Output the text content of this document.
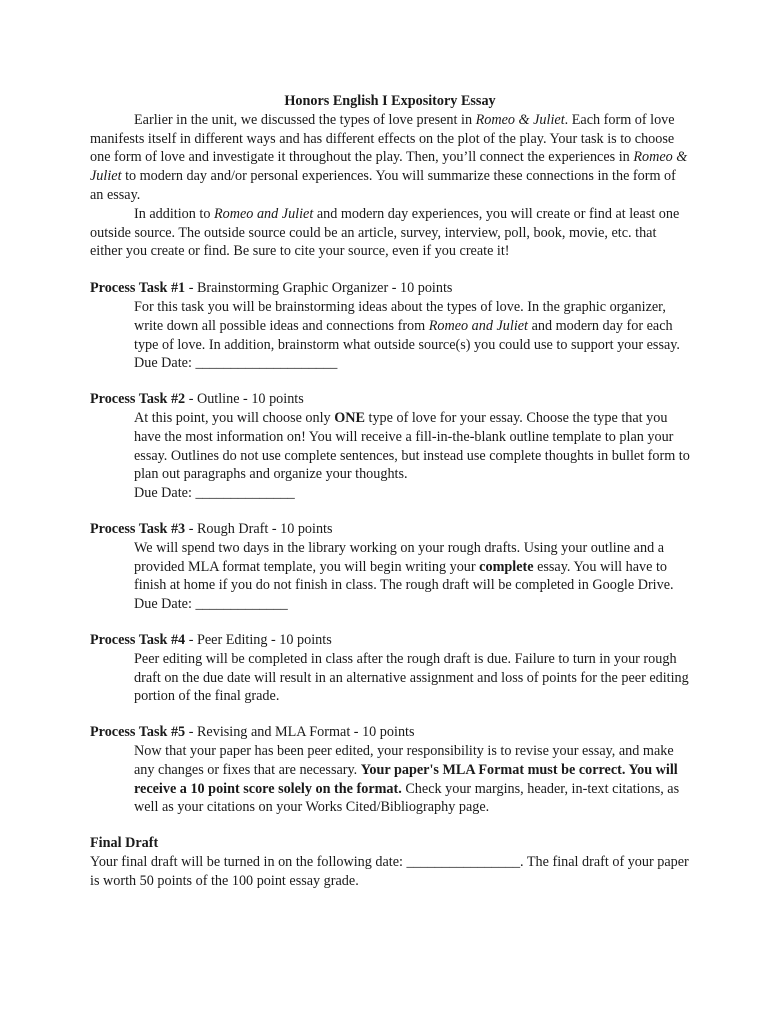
Honors English I Expository Essay

Earlier in the unit, we discussed the types of love present in Romeo & Juliet. Each form of love manifests itself in different ways and has different effects on the plot of the play. Your task is to choose one form of love and investigate it throughout the play. Then, you’ll connect the experiences in Romeo & Juliet to modern day and/or personal experiences. You will summarize these connections in the form of an essay.

In addition to Romeo and Juliet and modern day experiences, you will create or find at least one outside source. The outside source could be an article, survey, interview, poll, book, movie, etc. that either you create or find. Be sure to cite your source, even if you create it!

Process Task #1 - Brainstorming Graphic Organizer - 10 points

For this task you will be brainstorming ideas about the types of love. In the graphic organizer, write down all possible ideas and connections from Romeo and Juliet and modern day for each type of love. In addition, brainstorm what outside source(s) you could use to support your essay.

Due Date: ____________________

Process Task #2 - Outline - 10 points

At this point, you will choose only ONE type of love for your essay. Choose the type that you have the most information on! You will receive a fill-in-the-blank outline template to plan your essay. Outlines do not use complete sentences, but instead use complete thoughts in bullet form to plan out paragraphs and organize your thoughts.

Due Date: ______________

Process Task #3 - Rough Draft - 10 points

We will spend two days in the library working on your rough drafts. Using your outline and a provided MLA format template, you will begin writing your complete essay. You will have to finish at home if you do not finish in class. The rough draft will be completed in Google Drive.

Due Date: _____________

Process Task #4 - Peer Editing - 10 points

Peer editing will be completed in class after the rough draft is due. Failure to turn in your rough draft on the due date will result in an alternative assignment and loss of points for the peer editing portion of the final grade.

Process Task #5 - Revising and MLA Format - 10 points

Now that your paper has been peer edited, your responsibility is to revise your essay, and make any changes or fixes that are necessary. Your paper's MLA Format must be correct. You will receive a 10 point score solely on the format. Check your margins, header, in-text citations, as well as your citations on your Works Cited/Bibliography page.

Final Draft

Your final draft will be turned in on the following date: ________________. The final draft of your paper is worth 50 points of the 100 point essay grade.
